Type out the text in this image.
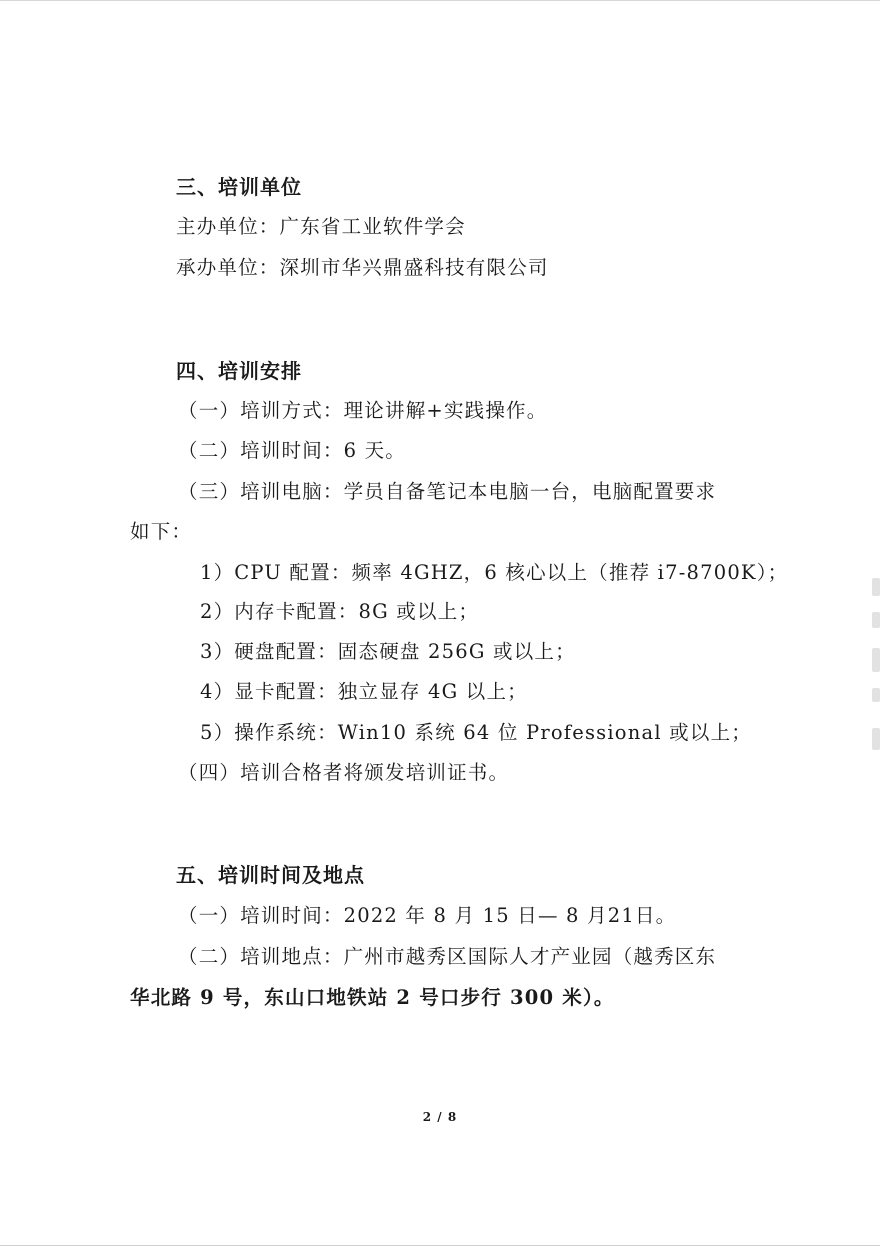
三、培训单位
主办单位：广东省工业软件学会
承办单位：深圳市华兴鼎盛科技有限公司
四、培训安排
（一）培训方式：理论讲解+实践操作。
（二）培训时间：6 天。
（三）培训电脑：学员自备笔记本电脑一台，电脑配置要求
如下：
1）CPU 配置：频率 4GHZ，6 核心以上（推荐 i7-8700K）；
2）内存卡配置：8G 或以上；
3）硬盘配置：固态硬盘 256G 或以上；
4）显卡配置：独立显存 4G 以上；
5）操作系统：Win10 系统 64 位 Professional 或以上；
（四）培训合格者将颁发培训证书。
五、培训时间及地点
（一）培训时间：2022 年 8 月 15 日— 8 月21日。
（二）培训地点：广州市越秀区国际人才产业园（越秀区东
华北路 9 号，东山口地铁站 2 号口步行 300 米）。
2 / 8
